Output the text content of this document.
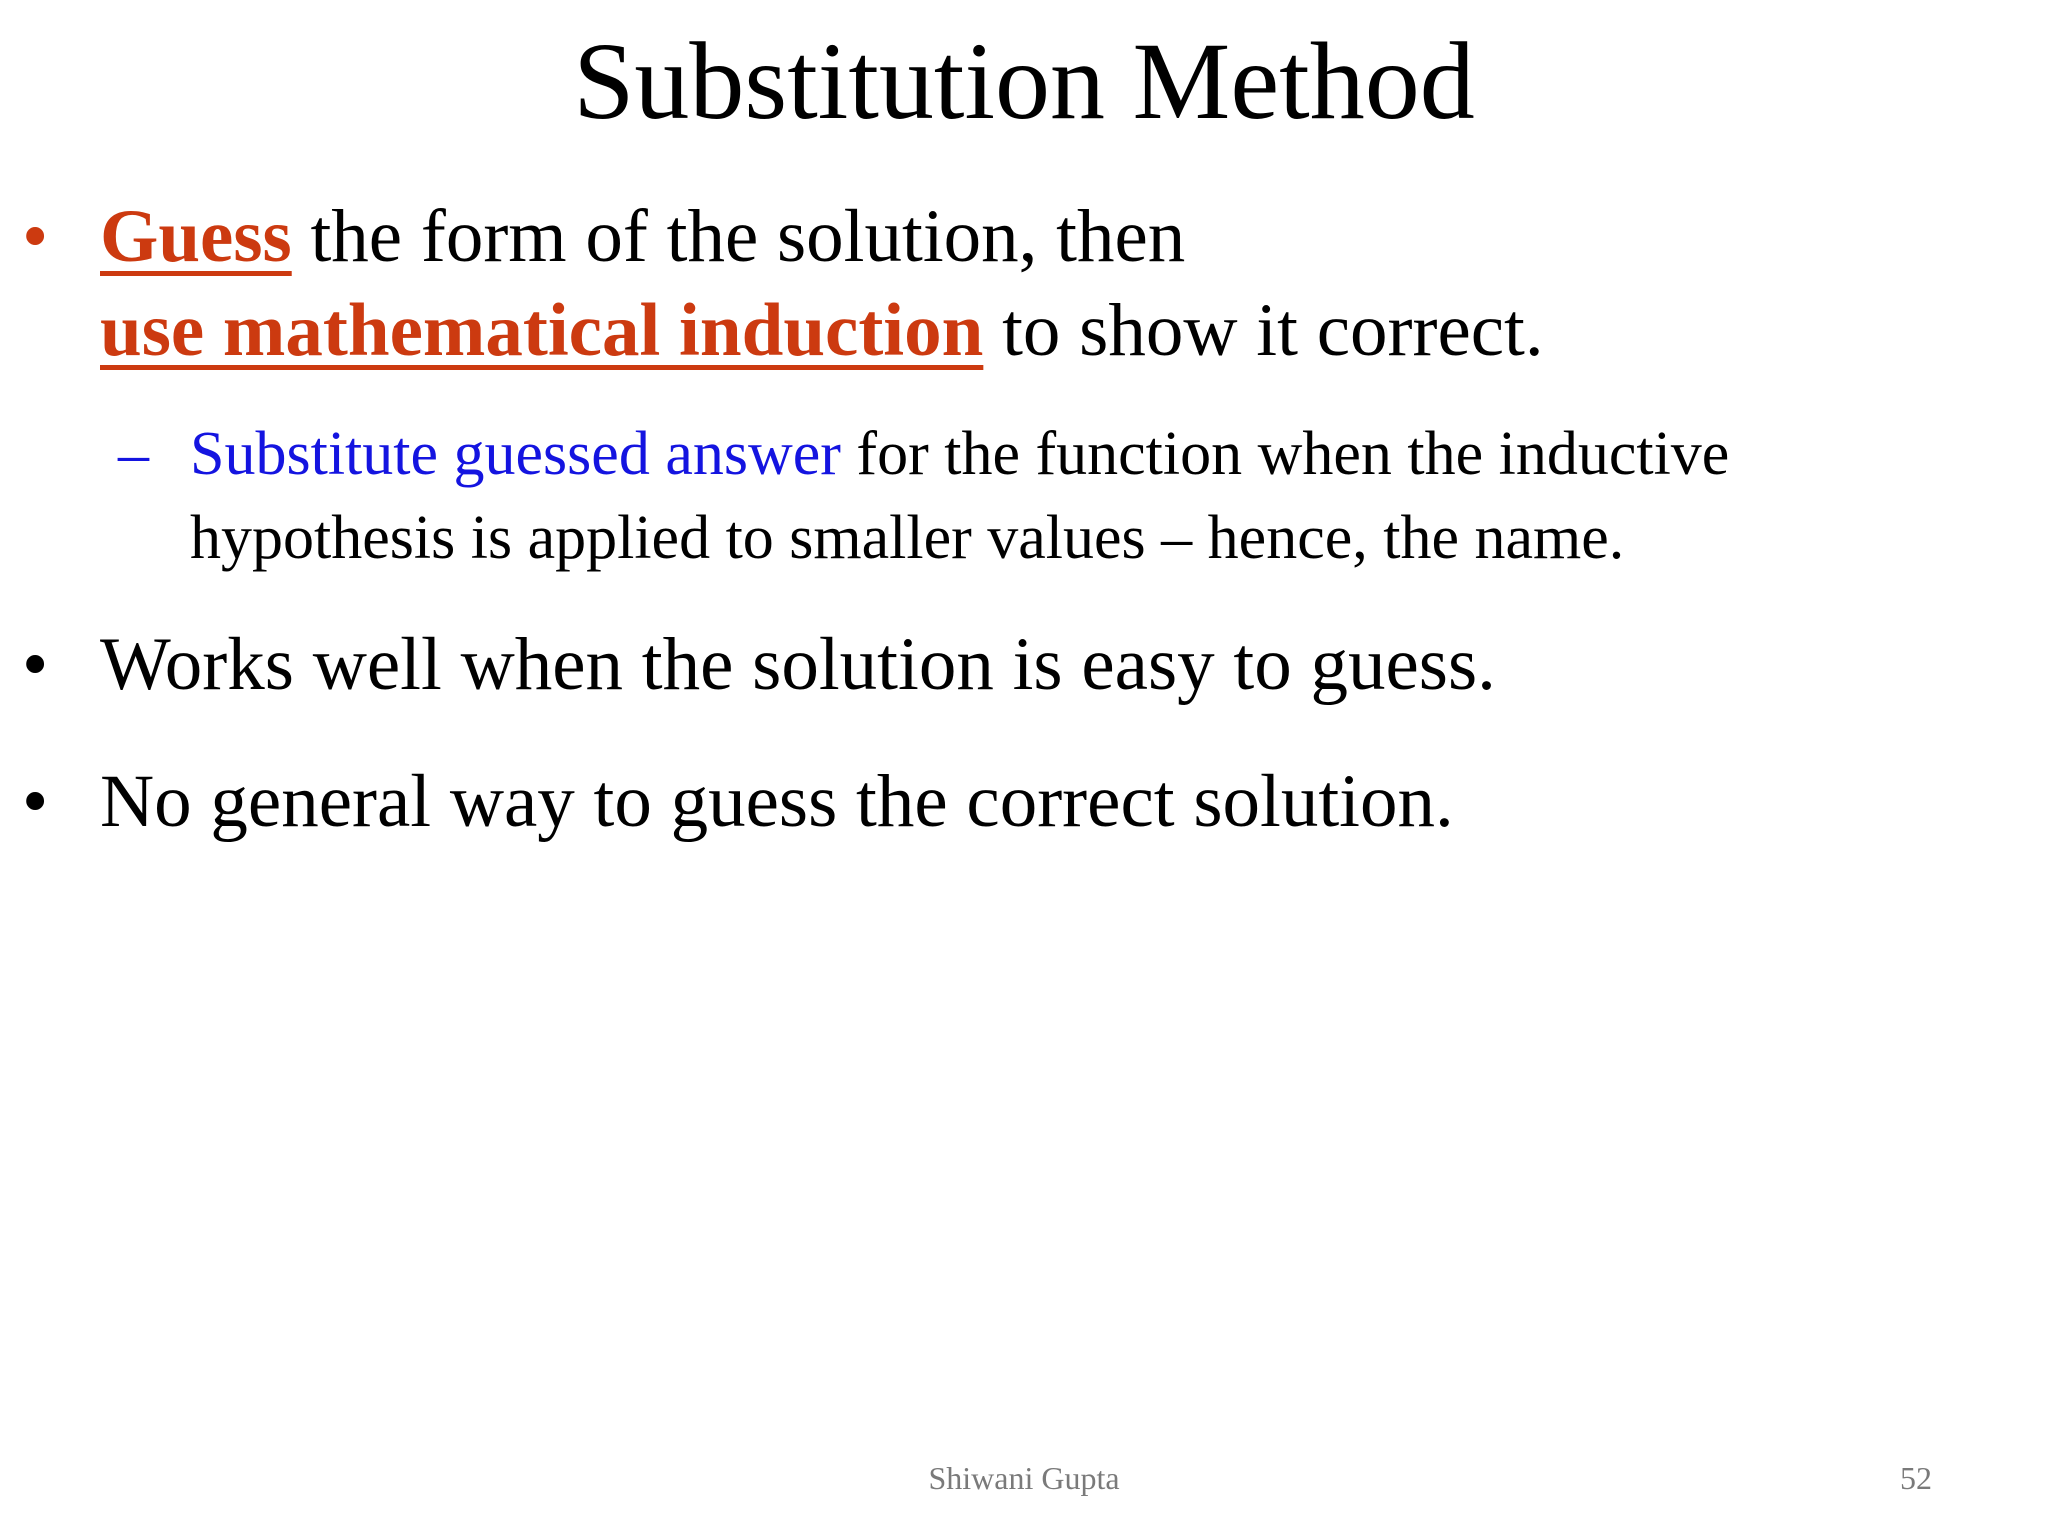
Substitution Method
• Guess the form of the solution, then
use mathematical induction to show it correct.
– Substitute guessed answer for the function when the inductive
hypothesis is applied to smaller values – hence, the name.
• Works well when the solution is easy to guess.
• No general way to guess the correct solution.
Shiwani Gupta	52
